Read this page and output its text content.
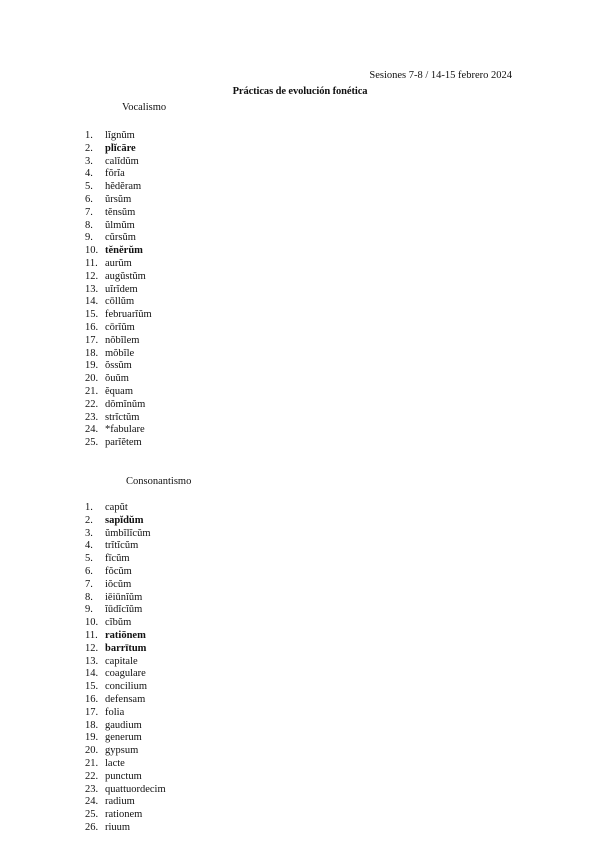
Sesiones 7-8 / 14-15 febrero 2024
Prácticas de evolución fonética
Vocalismo
1.	lĭgnŭm
2.	plĭcāre
3.	calĭdŭm
4.	fŏrĭa
5.	hĕdĕram
6.	ŭrsŭm
7.	tĕnsŭm
8.	ŭlmŭm
9.	cŭrsŭm
10. tĕnĕrŭm
11. aurŭm
12. augŭstŭm
13. uĭrĭdem
14. cōllŭm
15. februarĭŭm
16. cōrĭŭm
17. nŏbĭlem
18. mŏbĭle
19. ŏssŭm
20. ŏuŭm
21. ĕquam
22. dŏmĭnŭm
23. strĭctŭm
24. *fabulare
25. parĭĕtem
Consonantismo
1.	capŭt
2.	sapĭdŭm
3.	ŭmbĭlĭcŭm
4.	trĭtĭcŭm
5.	fīcŭm
6.	fŏcŭm
7.	iŏcŭm
8.	iēiūnĭŭm
9.	ĭūdĭcĭŭm
10. cĭbŭm
11. ratiōnem
12. barrītum
13. capitale
14. coagulare
15. concilium
16. defensam
17. folia
18. gaudium
19. generum
20. gypsum
21. lacte
22. punctum
23. quattuordecim
24. radium
25. rationem
26. riuum
